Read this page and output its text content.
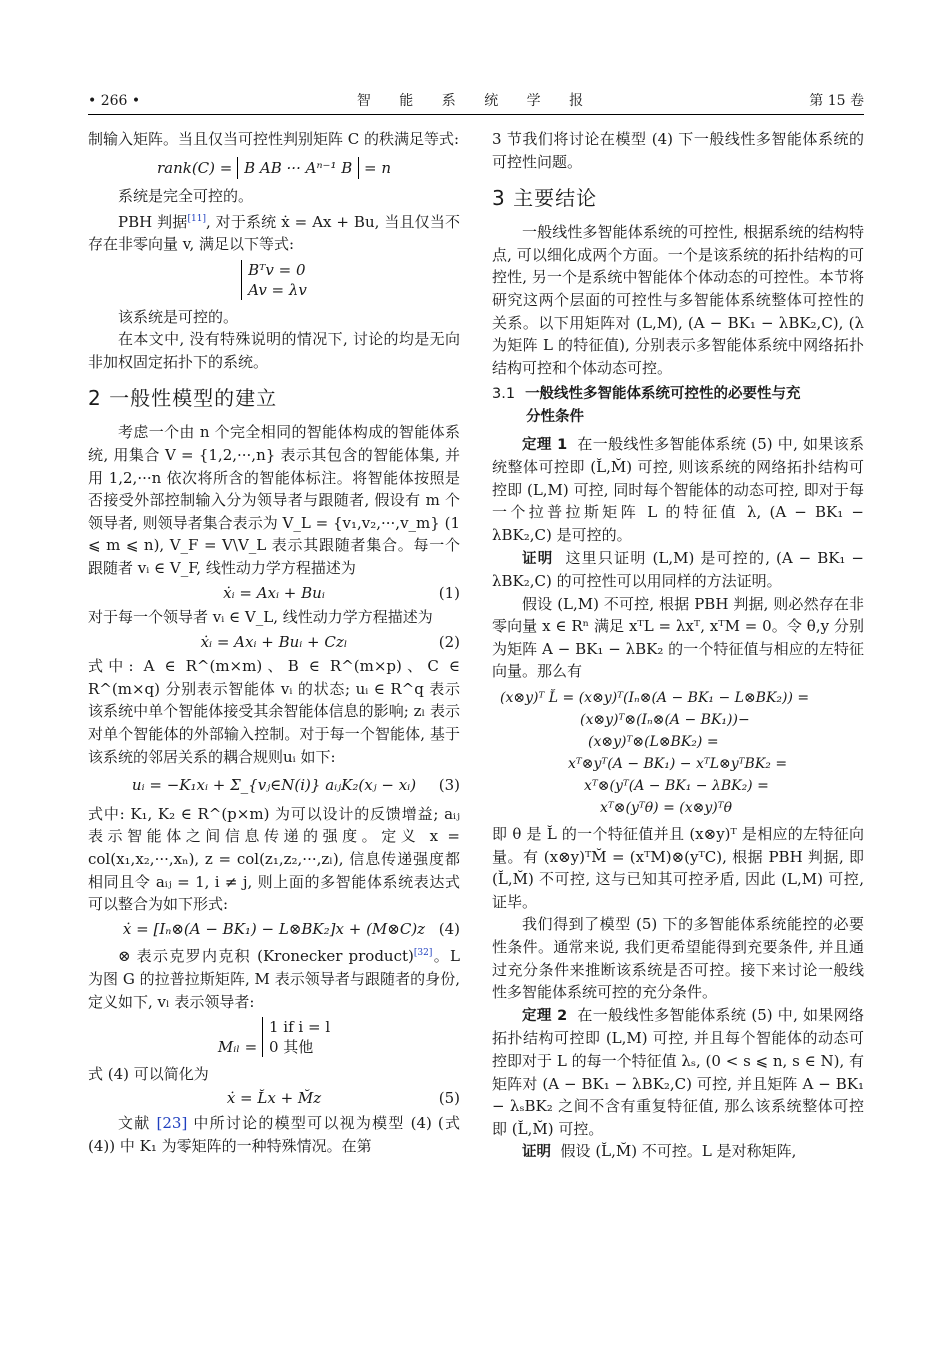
• 266 •	智 能 系 统 学 报	第 15 卷

制输入矩阵。当且仅当可控性判别矩阵 C 的秩满足等式:

rank(C) = B AB ··· Aⁿ⁻¹ B = n

系统是完全可控的。

PBH 判据[11], 对于系统 ẋ = Ax + Bu, 当且仅当不存在非零向量 v, 满足以下等式:

Bᵀv = 0
Av = λv

该系统是可控的。

在本文中, 没有特殊说明的情况下, 讨论的均是无向非加权固定拓扑下的系统。

2 一般性模型的建立

考虑一个由 n 个完全相同的智能体构成的智能体系统, 用集合 V = {1,2,···,n} 表示其包含的智能体集, 并用 1,2,···n 依次将所含的智能体标注。将智能体按照是否接受外部控制输入分为领导者与跟随者, 假设有 m 个领导者, 则领导者集合表示为 V_L = {v₁,v₂,···,v_m} (1 ⩽ m ⩽ n), V_F = V\V_L 表示其跟随者集合。每一个跟随者 vᵢ ∈ V_F, 线性动力学方程描述为

ẋᵢ = Axᵢ + Buᵢ	(1)

对于每一个领导者 vᵢ ∈ V_L, 线性动力学方程描述为

ẋᵢ = Axᵢ + Buᵢ + Czₗ	(2)

式中: A ∈ R^(m×m)、B ∈ R^(m×p)、C ∈ R^(m×q) 分别表示智能体 vᵢ 的状态; uᵢ ∈ R^q 表示该系统中单个智能体接受其余智能体信息的影响; zₗ 表示对单个智能体的外部输入控制。对于每一个智能体, 基于该系统的邻居关系的耦合规则uᵢ 如下:

uᵢ = −K₁xᵢ + Σ_{vⱼ∈N(i)} aᵢⱼK₂(xⱼ − xᵢ) (3)

式中: K₁, K₂ ∈ R^(p×m) 为可以设计的反馈增益; aᵢⱼ 表示智能体之间信息传递的强度。定义 x = col(x₁,x₂,···,xₙ), z = col(z₁,z₂,···,zₗ), 信息传递强度都相同且令 aᵢⱼ = 1, i ≠ j, 则上面的多智能体系统表达式可以整合为如下形式:

ẋ = [Iₙ⊗(A − BK₁) − L⊗BK₂]x + (M⊗C)z (4)

⊗ 表示克罗内克积 (Kronecker product)[32]。L 为图 G 的拉普拉斯矩阵, M 表示领导者与跟随者的身份, 定义如下, vₗ 表示领导者:

Mᵢₗ = 1 if i = l
0 其他

式 (4) 可以简化为

ẋ = L̆x + M̆z	(5)

文献 [23] 中所讨论的模型可以视为模型 (4) (式 (4)) 中 K₁ 为零矩阵的一种特殊情况。在第

3 节我们将讨论在模型 (4) 下一般线性多智能体系统的可控性问题。

3 主要结论

一般线性多智能体系统的可控性, 根据系统的结构特点, 可以细化成两个方面。一个是该系统的拓扑结构的可控性, 另一个是系统中智能体个体动态的可控性。本节将研究这两个层面的可控性与多智能体系统整体可控性的关系。以下用矩阵对 (L,M), (A − BK₁ − λBK₂,C), (λ 为矩阵 L 的特征值), 分别表示多智能体系统中网络拓扑结构可控和个体动态可控。

3.1 一般线性多智能体系统可控性的必要性与充
分性条件

定理 1 在一般线性多智能体系统 (5) 中, 如果该系统整体可控即 (L̆,M̆) 可控, 则该系统的网络拓扑结构可控即 (L,M) 可控, 同时每个智能体的动态可控, 即对于每一个拉普拉斯矩阵 L 的特征值 λ, (A − BK₁ − λBK₂,C) 是可控的。

证明 这里只证明 (L,M) 是可控的, (A − BK₁ − λBK₂,C) 的可控性可以用同样的方法证明。

假设 (L,M) 不可控, 根据 PBH 判据, 则必然存在非零向量 x ∈ Rⁿ 满足 xᵀL = λxᵀ, xᵀM = 0。令 θ,y 分别为矩阵 A − BK₁ − λBK₂ 的一个特征值与相应的左特征向量。那么有

(x⊗y)ᵀ L̆ = (x⊗y)ᵀ(Iₙ⊗(A − BK₁ − L⊗BK₂)) =
(x⊗y)ᵀ⊗(Iₙ⊗(A − BK₁))−
(x⊗y)ᵀ⊗(L⊗BK₂) =
xᵀ⊗yᵀ(A − BK₁) − xᵀL⊗yᵀBK₂ =
xᵀ⊗(yᵀ(A − BK₁ − λBK₂) =
xᵀ⊗(yᵀθ) = (x⊗y)ᵀθ

即 θ 是 L̆ 的一个特征值并且 (x⊗y)ᵀ 是相应的左特征向量。有 (x⊗y)ᵀM̆ = (xᵀM)⊗(yᵀC), 根据 PBH 判据, 即 (L̆,M̆) 不可控, 这与已知其可控矛盾, 因此 (L,M) 可控, 证毕。

我们得到了模型 (5) 下的多智能体系统能控的必要性条件。通常来说, 我们更希望能得到充要条件, 并且通过充分条件来推断该系统是否可控。接下来讨论一般线性多智能体系统可控的充分条件。

定理 2 在一般线性多智能体系统 (5) 中, 如果网络拓扑结构可控即 (L,M) 可控, 并且每个智能体的动态可控即对于 L 的每一个特征值 λₛ, (0 < s ⩽ n, s ∈ N), 有矩阵对 (A − BK₁ − λBK₂,C) 可控, 并且矩阵 A − BK₁ − λₛBK₂ 之间不含有重复特征值, 那么该系统整体可控即 (L̆,M̆) 可控。

证明 假设 (L̆,M̆) 不可控。L 是对称矩阵,
